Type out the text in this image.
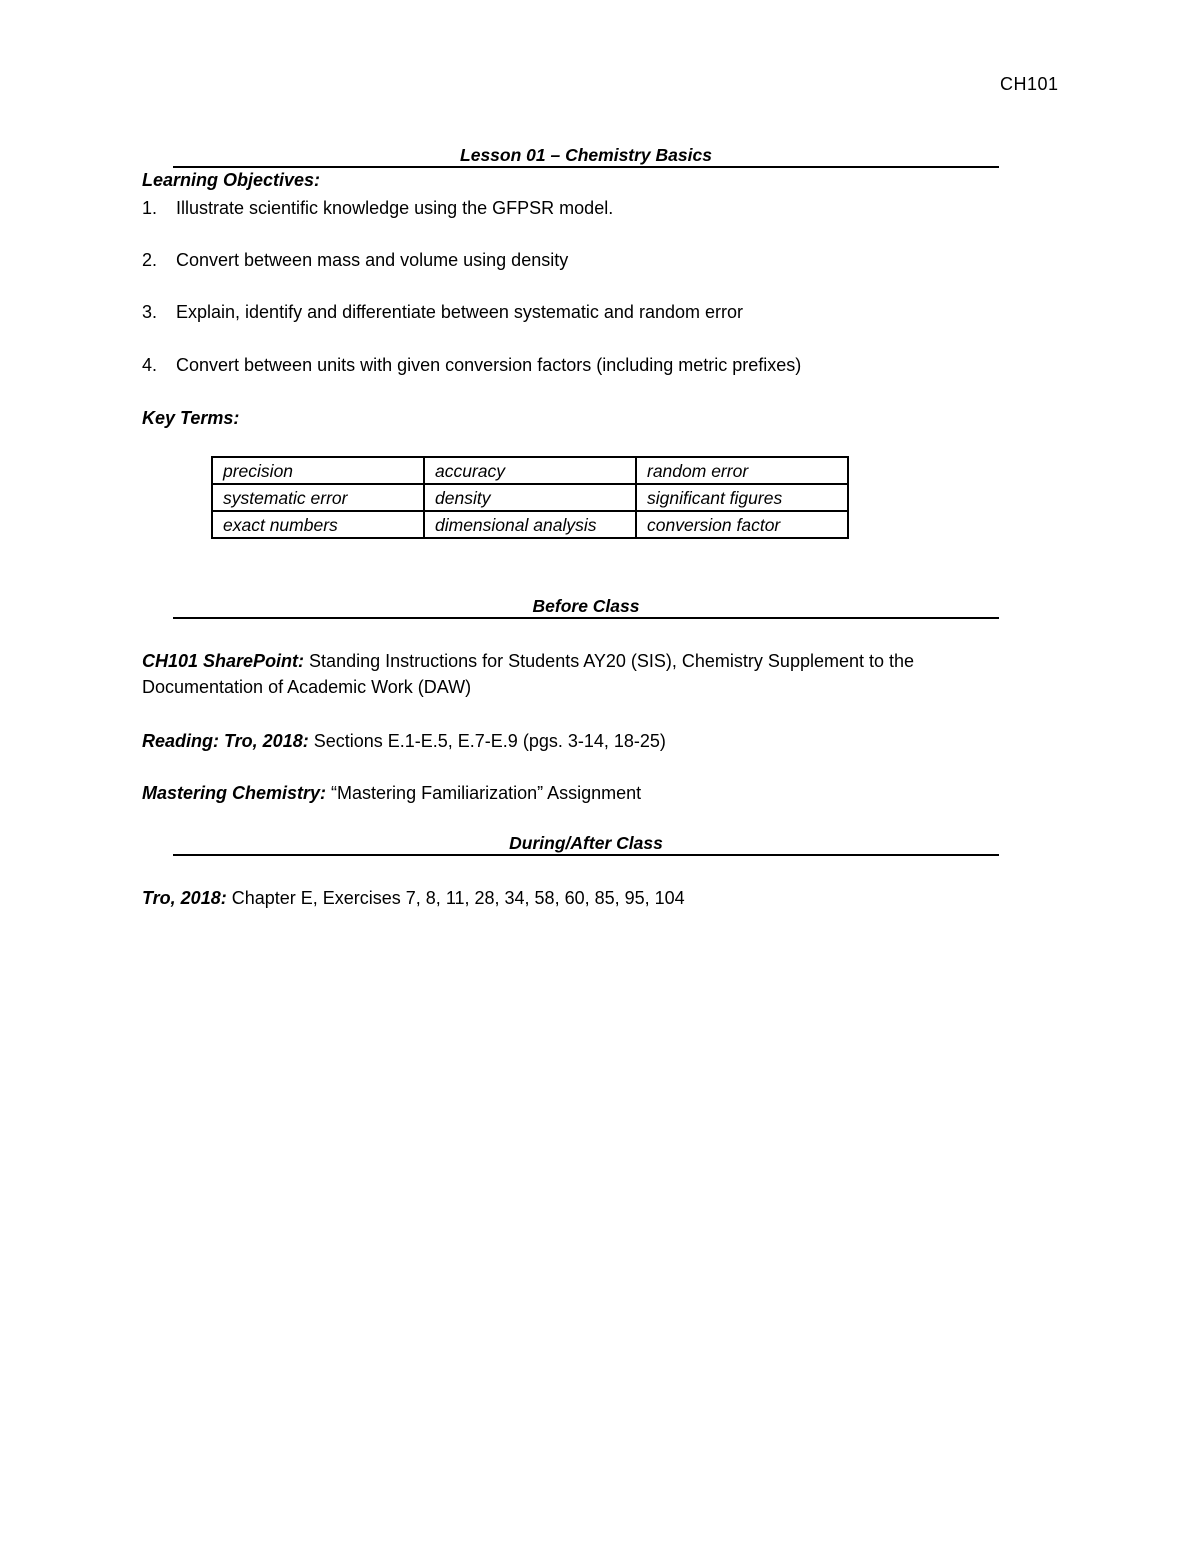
CH101
Lesson 01 – Chemistry Basics
Learning Objectives:
1. Illustrate scientific knowledge using the GFPSR model.
2. Convert between mass and volume using density
3. Explain, identify and differentiate between systematic and random error
4. Convert between units with given conversion factors (including metric prefixes)
Key Terms:
precision	accuracy	random error
systematic error	density	significant figures
exact numbers	dimensional analysis	conversion factor
Before Class
CH101 SharePoint: Standing Instructions for Students AY20 (SIS), Chemistry Supplement to the Documentation of Academic Work (DAW)
Reading: Tro, 2018: Sections E.1-E.5, E.7-E.9 (pgs. 3-14, 18-25)
Mastering Chemistry: “Mastering Familiarization” Assignment
During/After Class
Tro, 2018: Chapter E, Exercises 7, 8, 11, 28, 34, 58, 60, 85, 95, 104
